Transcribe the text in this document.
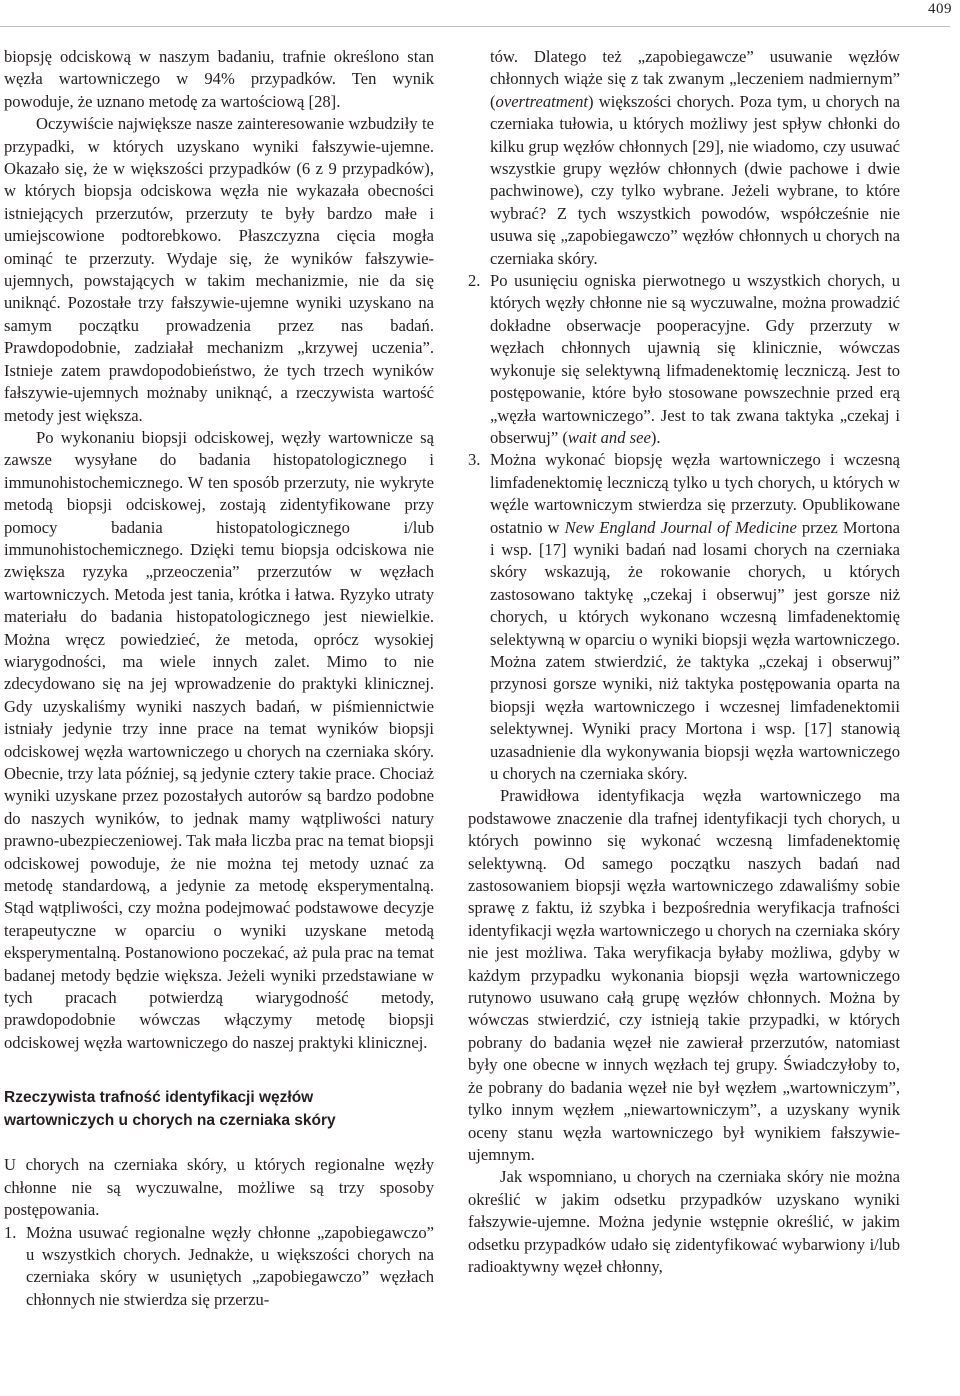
409

biopsję odciskową w naszym badaniu, trafnie określono stan węzła wartowniczego w 94% przypadków. Ten wynik powoduje, że uznano metodę za wartościową [28].

Oczywiście największe nasze zainteresowanie wzbudziły te przypadki, w których uzyskano wyniki fałszywie-ujemne. Okazało się, że w większości przypadków (6 z 9 przypadków), w których biopsja odciskowa węzła nie wykazała obecności istniejących przerzutów, przerzuty te były bardzo małe i umiejscowione podtorebkowo. Płaszczyzna cięcia mogła ominąć te przerzuty. Wydaje się, że wyników fałszywie-ujemnych, powstających w takim mechanizmie, nie da się uniknąć. Pozostałe trzy fałszywie-ujemne wyniki uzyskano na samym początku prowadzenia przez nas badań. Prawdopodobnie, zadziałał mechanizm „krzywej uczenia”. Istnieje zatem prawdopodobieństwo, że tych trzech wyników fałszywie-ujemnych możnaby uniknąć, a rzeczywista wartość metody jest większa.

Po wykonaniu biopsji odciskowej, węzły wartownicze są zawsze wysyłane do badania histopatologicznego i immunohistochemicznego. W ten sposób przerzuty, nie wykryte metodą biopsji odciskowej, zostają zidentyfikowane przy pomocy badania histopatologicznego i/lub immunohistochemicznego. Dzięki temu biopsja odciskowa nie zwiększa ryzyka „przeoczenia” przerzutów w węzłach wartowniczych. Metoda jest tania, krótka i łatwa. Ryzyko utraty materiału do badania histopatologicznego jest niewielkie. Można wręcz powiedzieć, że metoda, oprócz wysokiej wiarygodności, ma wiele innych zalet. Mimo to nie zdecydowano się na jej wprowadzenie do praktyki klinicznej. Gdy uzyskaliśmy wyniki naszych badań, w piśmiennictwie istniały jedynie trzy inne prace na temat wyników biopsji odciskowej węzła wartowniczego u chorych na czerniaka skóry. Obecnie, trzy lata później, są jedynie cztery takie prace. Chociaż wyniki uzyskane przez pozostałych autorów są bardzo podobne do naszych wyników, to jednak mamy wątpliwości natury prawno-ubezpieczeniowej. Tak mała liczba prac na temat biopsji odciskowej powoduje, że nie można tej metody uznać za metodę standardową, a jedynie za metodę eksperymentalną. Stąd wątpliwości, czy można podejmować podstawowe decyzje terapeutyczne w oparciu o wyniki uzyskane metodą eksperymentalną. Postanowiono poczekać, aż pula prac na temat badanej metody będzie większa. Jeżeli wyniki przedstawiane w tych pracach potwierdzą wiarygodność metody, prawdopodobnie wówczas włączymy metodę biopsji odciskowej węzła wartowniczego do naszej praktyki klinicznej.

Rzeczywista trafność identyfikacji węzłów
wartowniczych u chorych na czerniaka skóry

U chorych na czerniaka skóry, u których regionalne węzły chłonne nie są wyczuwalne, możliwe są trzy sposoby postępowania.

1. Można usuwać regionalne węzły chłonne „zapobiegawczo” u wszystkich chorych. Jednakże, u większości chorych na czerniaka skóry w usuniętych „zapobiegawczo” węzłach chłonnych nie stwierdza się przerzu-

tów. Dlatego też „zapobiegawcze” usuwanie węzłów chłonnych wiąże się z tak zwanym „leczeniem nadmiernym” (overtreatment) większości chorych. Poza tym, u chorych na czerniaka tułowia, u których możliwy jest spływ chłonki do kilku grup węzłów chłonnych [29], nie wiadomo, czy usuwać wszystkie grupy węzłów chłonnych (dwie pachowe i dwie pachwinowe), czy tylko wybrane. Jeżeli wybrane, to które wybrać? Z tych wszystkich powodów, współcześnie nie usuwa się „zapobiegawczo” węzłów chłonnych u chorych na czerniaka skóry.

2. Po usunięciu ogniska pierwotnego u wszystkich chorych, u których węzły chłonne nie są wyczuwalne, można prowadzić dokładne obserwacje pooperacyjne. Gdy przerzuty w węzłach chłonnych ujawnią się klinicznie, wówczas wykonuje się selektywną lifmadenektomię leczniczą. Jest to postępowanie, które było stosowane powszechnie przed erą „węzła wartowniczego”. Jest to tak zwana taktyka „czekaj i obserwuj” (wait and see).
3. Można wykonać biopsję węzła wartowniczego i wczesną limfadenektomię leczniczą tylko u tych chorych, u których w węźle wartowniczym stwierdza się przerzuty. Opublikowane ostatnio w New England Journal of Medicine przez Mortona i wsp. [17] wyniki badań nad losami chorych na czerniaka skóry wskazują, że rokowanie chorych, u których zastosowano taktykę „czekaj i obserwuj” jest gorsze niż chorych, u których wykonano wczesną limfadenektomię selektywną w oparciu o wyniki biopsji węzła wartowniczego. Można zatem stwierdzić, że taktyka „czekaj i obserwuj” przynosi gorsze wyniki, niż taktyka postępowania oparta na biopsji węzła wartowniczego i wczesnej limfadenektomii selektywnej. Wyniki pracy Mortona i wsp. [17] stanowią uzasadnienie dla wykonywania biopsji węzła wartowniczego u chorych na czerniaka skóry.

Prawidłowa identyfikacja węzła wartowniczego ma podstawowe znaczenie dla trafnej identyfikacji tych chorych, u których powinno się wykonać wczesną limfadenektomię selektywną. Od samego początku naszych badań nad zastosowaniem biopsji węzła wartowniczego zdawaliśmy sobie sprawę z faktu, iż szybka i bezpośrednia weryfikacja trafności identyfikacji węzła wartowniczego u chorych na czerniaka skóry nie jest możliwa. Taka weryfikacja byłaby możliwa, gdyby w każdym przypadku wykonania biopsji węzła wartowniczego rutynowo usuwano całą grupę węzłów chłonnych. Można by wówczas stwierdzić, czy istnieją takie przypadki, w których pobrany do badania węzeł nie zawierał przerzutów, natomiast były one obecne w innych węzłach tej grupy. Świadczyłoby to, że pobrany do badania węzeł nie był węzłem „wartowniczym”, tylko innym węzłem „niewartowniczym”, a uzyskany wynik oceny stanu węzła wartowniczego był wynikiem fałszywie-ujemnym.

Jak wspomniano, u chorych na czerniaka skóry nie można określić w jakim odsetku przypadków uzyskano wyniki fałszywie-ujemne. Można jedynie wstępnie określić, w jakim odsetku przypadków udało się zidentyfikować wybarwiony i/lub radioaktywny węzeł chłonny,
